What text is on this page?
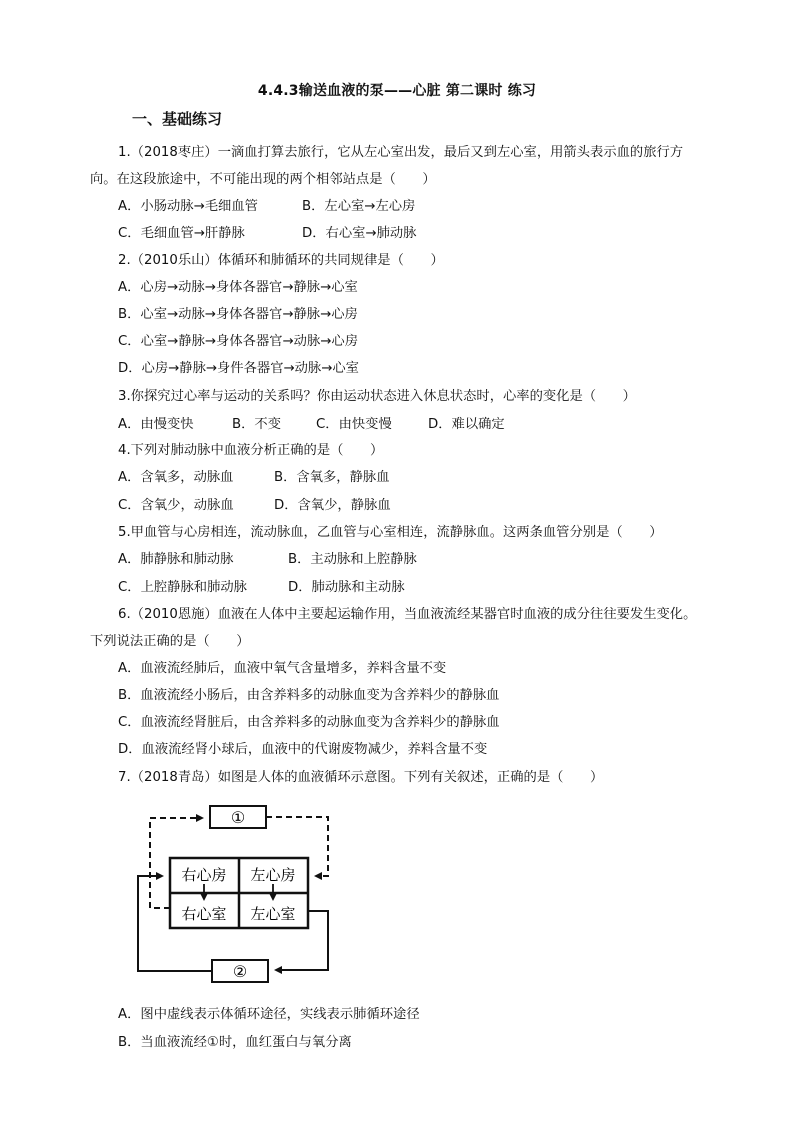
4.4.3输送血液的泵——心脏 第二课时 练习
一、基础练习
1.（2018枣庄）一滴血打算去旅行，它从左心室出发，最后又到左心室，用箭头表示血的旅行方
向。在这段旅途中，不可能出现的两个相邻站点是（　　）
A．小肠动脉→毛细血管	B．左心室→左心房
C．毛细血管→肝静脉	D．右心室→肺动脉
2.（2010乐山）体循环和肺循环的共同规律是（　　）
A．心房→动脉→身体各器官→静脉→心室
B．心室→动脉→身体各器官→静脉→心房
C．心室→静脉→身体各器官→动脉→心房
D．心房→静脉→身件各器官→动脉→心室
3.你探究过心率与运动的关系吗？你由运动状态进入休息状态时，心率的变化是（　　）
A．由慢变快	B．不变	C．由快变慢	D．难以确定
4.下列对肺动脉中血液分析正确的是（　　）
A．含氧多，动脉血	B．含氧多，静脉血
C．含氧少，动脉血	D．含氧少，静脉血
5.甲血管与心房相连，流动脉血，乙血管与心室相连，流静脉血。这两条血管分别是（　　）
A．肺静脉和肺动脉	B．主动脉和上腔静脉
C．上腔静脉和肺动脉	D．肺动脉和主动脉
6.（2010恩施）血液在人体中主要起运输作用，当血液流经某器官时血液的成分往往要发生变化。
下列说法正确的是（　　）
A．血液流经肺后，血液中氧气含量增多，养料含量不变
B．血液流经小肠后，由含养料多的动脉血变为含养料少的静脉血
C．血液流经肾脏后，由含养料多的动脉血变为含养料少的静脉血
D．血液流经肾小球后，血液中的代谢废物减少，养料含量不变
7.（2018青岛）如图是人体的血液循环示意图。下列有关叙述，正确的是（　　）
①
②
右心房 左心房
右心室 左心室
A．图中虚线表示体循环途径，实线表示肺循环途径
B．当血液流经①时，血红蛋白与氧分离
